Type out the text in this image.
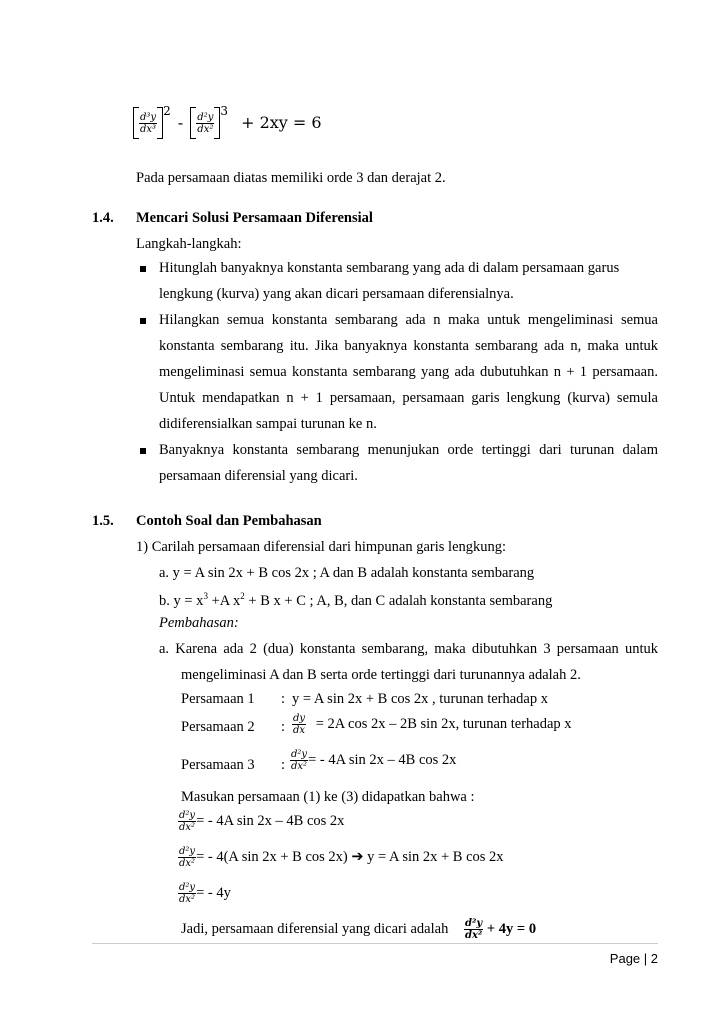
$\frac{\text{d³y}}{\text{dx³}}$
$^2 - \frac{\text{d²y}}{\text{dx²}}$
$^3$ + 2xy = 6
Pada persamaan diatas memiliki orde 3 dan derajat 2.
1.4. Mencari Solusi Persamaan Diferensial
Langkah-langkah:
Hitunglah banyaknya konstanta sembarang yang ada di dalam persamaan garus
lengkung (kurva) yang akan dicari persamaan diferensialnya.
Hilangkan semua konstanta sembarang ada n maka untuk mengeliminasi semua
konstanta sembarang itu. Jika banyaknya konstanta sembarang ada n, maka untuk
mengeliminasi semua konstanta sembarang yang ada dubutuhkan n + 1 persamaan.
Untuk mendapatkan n + 1 persamaan, persamaan garis lengkung (kurva) semula
didiferensialkan sampai turunan ke n.
Banyaknya konstanta sembarang menunjukan orde tertinggi dari turunan dalam
persamaan diferensial yang dicari.
1.5. Contoh Soal dan Pembahasan
1) Carilah persamaan diferensial dari himpunan garis lengkung:
a. y = A sin 2x + B cos 2x ; A dan B adalah konstanta sembarang
b. $y = x^3 +A$ $x^2 + B$ x + C ; A, B, dan C adalah konstanta sembarang
Pembahasan:
a. Karena ada 2 (dua) konstanta sembarang, maka dibutuhkan 3 persamaan untuk
mengeliminasi A dan B serta orde tertinggi dari turunannya adalah 2.
Persamaan 1 : y = A sin 2x + B cos 2x , turunan terhadap x
Persamaan 2 : $\frac{dy}{dx} = 2A$ cos 2x – 2B sin 2x, turunan terhadap x
Persamaan 3 : $\frac{\text{d²y}}{\text{dx²}}$ = - 4A sin 2x – 4B cos 2x
Masukan persamaan (1) ke (3) didapatkan bahwa :
$\frac{\text{d²y}}{\text{dx²}}$ = - 4A sin 2x – 4B cos 2x
$\frac{\text{d²y}}{\text{dx²}}$ = - 4(A sin 2x + B cos 2x) ➔ y = A sin 2x + B cos 2x
$\frac{\text{d²y}}{\text{dx²}}$ = - 4y
Jadi, persamaan diferensial yang dicari adalah $\frac{\text{d²y}}{\text{dx²}} + 4y = 0$
Page | 2
